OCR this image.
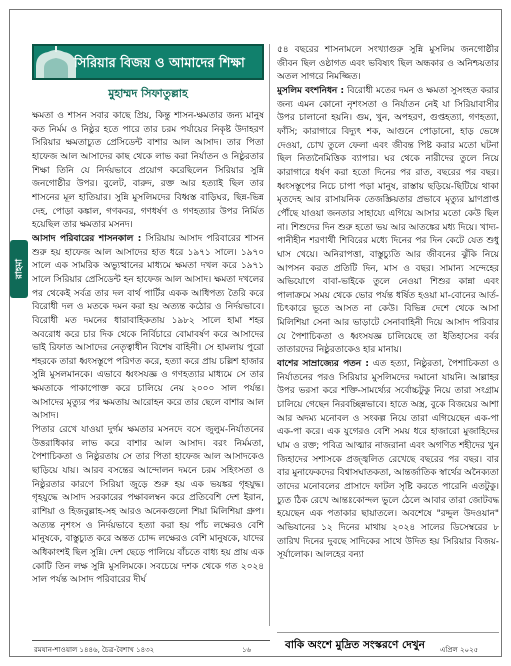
রাহমা
সিরিয়ার বিজয় ও আমাদের শিক্ষা
মুহাম্মদ সিফাতুল্লাহ

ক্ষমতা ও শাসন সবার কাছে প্রিয়, কিন্তু শাসন-ক্ষমতার জন্য মানুষ কত নির্মম ও নিষ্ঠুর হতে পারে তার চরম পর্যায়ের নিকৃষ্ট উদাহরণ সিরিয়ার ক্ষমতাচ্যুত প্রেসিডেন্ট বাশার আল আসাদ। তার পিতা হাফেজ আল আসাদের কাছ থেকে লাভ করা নির্যাতন ও নিষ্ঠুরতার শিক্ষা তিনি যে নির্দয়ভাবে প্রয়োগ করেছিলেন সিরিয়ার সুন্নি জনগোষ্ঠীর উপর। বুলেট, বারুদ, রক্ত আর হত্যাই ছিল তার শাসনের মূল হাতিয়ার। সুন্নি মুসলিমদের বিধ্বস্ত বাড়িঘর, ছিন্ন-ভিন্ন দেহ, পোড়া কঙ্কাল, গণকবর, গণধর্ষণ ও গণহত্যার উপর নির্মিত হয়েছিল তার ক্ষমতার মসনদ।

আসাদ পরিবারের শাসনকাল : সিরিয়ায় আসাদ পরিবারের শাসন শুরু হয় হাফেজ আল আসাদের হাত ধরে ১৯৭১ সালে। ১৯৭০ সালে এক সামরিক অভ্যুত্থানের মাধ্যমে ক্ষমতা দখল করে ১৯৭১ সালে সিরিয়ার প্রেসিডেন্ট হন হাফেজ আল আসাদ। ক্ষমতা দখলের পর থেকেই সর্বত্র তার দল বার্থ পার্টির একক আধিপত্য তৈরি করে বিরোধী দল ও মতকে দমন করা হয় অত্যন্ত কঠোর ও নির্দয়ভাবে। বিরোধী মত দমনের ধারাবাহিকতায় ১৯৮২ সালে হামা শহর অবরোধ করে চার দিক থেকে নির্বিচারে বোমাবর্ষণ করে আসাদের ভাই রিফাত আসাদের নেতৃত্বাধীন বিশেষ বাহিনী। সে হামলায় পুরো শহরকে তারা ধ্বংসস্তূপে পরিণত করে, হত্যা করে প্রায় চল্লিশ হাজার সুন্নি মুসলমানকে। এভাবে ধ্বংসযজ্ঞ ও গণহত্যার মাধ্যমে সে তার ক্ষমতাকে পাকাপোক্ত করে চালিয়ে নেয় ২০০০ সাল পর্যন্ত। আসাদের মৃত্যুর পর ক্ষমতায় আরোহন করে তার ছেলে বাশার আল আসাদ।

পিতার রেখে যাওয়া দুর্গম ক্ষমতার মসনদে বসে জুলুম-নির্যাতনের উত্তরাধিকার লাভ করে বাশার আল আসাদ। বরং নির্মমতা, পৈশাচিকতা ও নিষ্ঠুরতায় সে তার পিতা হাফেজ আল আসাদকেও ছাড়িয়ে যায়। আরব বসন্তের আন্দোলন দমনে চরম সহিংসতা ও নিষ্ঠুরতার কারণে সিরিয়া জুড়ে শুরু হয় এক ভয়ঙ্কর গৃহযুদ্ধ। গৃহযুদ্ধে আসাদ সরকারের পক্ষাবলম্বন করে প্রতিবেশি দেশ ইরান, রাশিয়া ও হিজবুল্লাহ-সহ আরও অনেকগুলো শিয়া মিলিশিয়া গ্রুপ। অত্যন্ত নৃশংস ও নির্দয়ভাবে হত্যা করা হয় পাঁচ লক্ষেরও বেশি মানুষকে, বাস্তুচ্যুত করে অন্তত চোদ্দ লক্ষেরও বেশি মানুষকে, যাদের অধিকাংশই ছিল সুন্নি। দেশ ছেড়ে পালিয়ে বাঁচতে বাধ্য হয় প্রায় এক কোটি তিন লক্ষ সুন্নি মুসলিমকে। সবচেয়ে দশক থেকে গত ২০২৪ সাল পর্যন্ত আসাদ পরিবারের দীর্ঘ

৫৪ বছরের শাসনামলে সংখ্যাগুরু সুন্নি মুসলিম জনগোষ্ঠীর জীবন ছিল ওষ্ঠাগত এবং ভবিষ্যৎ ছিল অন্ধকার ও অনিশ্চয়তার অতল সাগরে নিমজ্জিত।

মুসলিম বংশনিধন : বিরোধী মতের দমন ও ক্ষমতা সুসংহত করার জন্য এমন কোনো নৃশংসতা ও নির্যাতন নেই যা সিরিয়াবাসীর উপর চালানো হয়নি। গুম, খুন, অপহরণ, গুপ্তহত্যা, গণহত্যা, ফাঁসি; কারাগারে বিদ্যুৎ শক, আগুনে পোড়ানো, হাড় ভেঙ্গে দেওয়া, চোখ তুলে ফেলা এবং জীবন্ত পিষ্ট করার মতো ঘটনা ছিল নিত্যনৈমিত্তিক ব্যাপার। ঘর থেকে নারীদের তুলে নিয়ে কারাগারে ধর্ষণ করা হতো দিনের পর রাত, বছরের পর বছর। ধ্বংসস্তূপের নিচে চাপা পড়া মানুষ, রাস্তায় ছড়িয়ে-ছিটিয়ে থাকা মৃতদেহ আর রাসায়নিক তেজস্ক্রিয়তার প্রভাবে মৃত্যুর ঘ্রাণপ্রাপ্ত পৌঁছে যাওয়া জনতার সাহায্যে এগিয়ে আসার মতো কেউ ছিল না। শিশুদের দিন শুরু হতো ভয় আর আতঙ্কের মধ্য দিয়ে। খাদ্য-পানীহীন শরণার্থী শিবিরের মধ্যে দিনের পর দিন কেটে যেত শুধু ঘাস খেয়ে। অনিরাপত্তা, বাস্তুচ্যুতি আর জীবনের ঝুঁকি নিয়ে আপসন করত প্রতিটি দিন, মাস ও বছর। সামান্য সন্দেহের অভিযোগে বাবা-ভাইকে তুলে নেওয়া শিশুর কান্না এবং পালাক্রমে সময় থেকে ভোর পর্যন্ত ধর্ষিত হওয়া মা-বোনের আর্ত-চিৎকারে ভূতে আসত না কেউ। বিভিন্ন দেশে থেকে আসা মিলিশিয়া সেনা আর ভাড়াটে সেনাবাহিনী দিয়ে আসাদ পরিবার যে পৈশাচিকতা ও ধ্বংসযজ্ঞ চালিয়েছে তা ইতিহাসের বর্বর তাতারদের নিষ্ঠুরতাকেও হার মানায়।

বাশের সাম্রাজ্যের পতন : এত হত্যা, নিষ্ঠুরতা, পৈশাচিকতা ও নির্যাতনের পরও সিরিয়ার মুসলিমদের দমানো যায়নি। আল্লাহর উপর ভরসা করে শক্তি-সামর্থ্যের সর্বোচ্চটুকু নিয়ে তারা সংগ্রাম চালিয়ে গেছেন নিরবচ্ছিন্নভাবে। হাতে অস্ত্র, বুকে বিজয়ের আশা আর অদম্য মনোবল ও সংকল্প নিয়ে তারা এগিয়েছেন এক-পা এক-পা করে। এক যুগেরও বেশি সময় ধরে হাজারো মুজাহিদের ঘাম ও রক্ত; পবিত্র আত্মার নাজরানা এবং অগণিত শহীদের খুন জিহাদের সশাসকে প্রজ্জ্বলিত রেখেছে বছরের পর বছর। বার বার মুনাফেকদের বিশ্বাসঘাতকতা, আন্তর্জাতিক স্বার্থের অনৈক্যতা তাদের মনোবলের প্রাসাদে ফাটল সৃষ্টি করতে পারেনি এতটুকু। চ্যুত ঠিক রেখে আন্তঃকোন্দল ভুলে ঠেলে আবার তারা জোটবদ্ধ হয়েছেন এক পতাকার ছায়াতলে। অবশেষে "রদ্দুল উদওয়ান" অভিযানের ১২ দিনের মাথায় ২০২৪ সালের ডিসেম্বরের ৮ তারিখ দিনের দুবছে সাদিকের সাথে উদিত হয় সিরিয়ার বিজয়-সূর্যালোক। আলহের বন্যা

বাকি অংশে মুদ্রিত সংস্করণে দেখুন
রমযান-শাওয়াল ১৪৪৬, চৈত্র-বৈশাখ ১৪৩২	১৬	এপ্রিল ২০২৫
